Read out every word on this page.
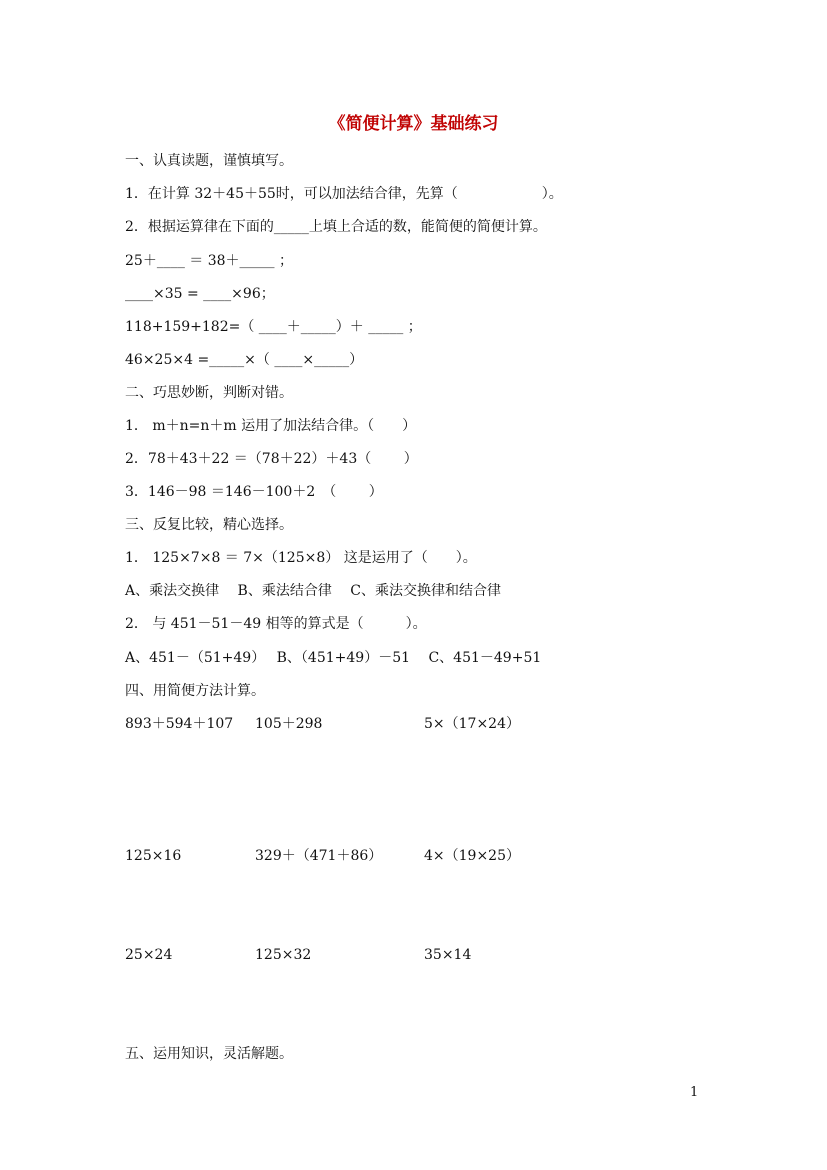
《简便计算》基础练习
一、认真读题，谨慎填写。
1．在计算 32＋45＋55时，可以加法结合律，先算（　　　　　　）。
2．根据运算律在下面的_____上填上合适的数，能简便的简便计算。
25＋____ ＝ 38＋_____ ；
____×35 = ____×96；
118+159+182=（ ____＋_____）＋ _____ ；
46×25×4 =_____×（ ____×_____）
二、巧思妙断，判断对错。
1． m＋n=n＋m 运用了加法结合律。（　　）
2．78＋43＋22 ＝（78＋22）＋43（　　 ）
3．146－98 ＝146－100＋2　（　　 ）
三、反复比较，精心选择。
1． 125×7×8 ＝ 7×（125×8） 这是运用了（　　）。
A、乘法交换律　 B、乘法结合律　 C、乘法交换律和结合律
2． 与 451－51－49 相等的算式是（　　　）。
A、451－（51+49）　 B、（451+49）－51　 C、451－49+51
四、用简便方法计算。
893＋594＋107 105＋298	5×（17×24）
125×16	329＋（471＋86）	4×（19×25）
25×24	125×32	35×14
五、运用知识，灵活解题。
1
